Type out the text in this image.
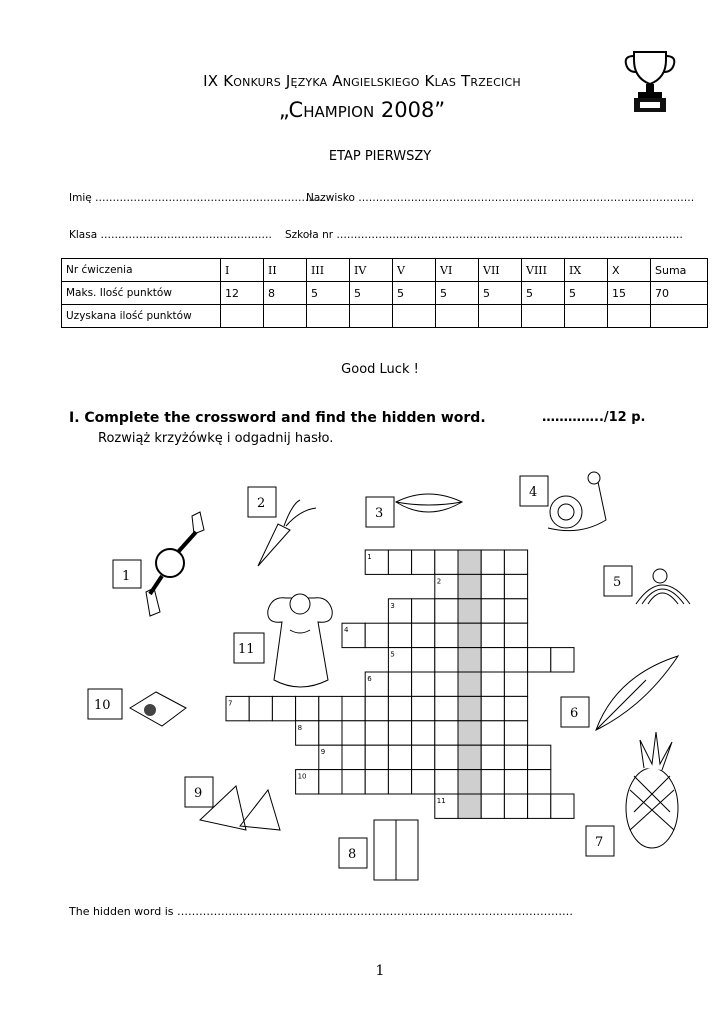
IX Konkurs Języka Angielskiego Klas Trzecich
„Champion 2008”
ETAP PIERWSZY
Imię …………………………………………………………
Nazwisko ……………………………………………………………………………………
Klasa …………………………………………. Szkoła nr ………………………………………………………………………………………
Nr ćwiczenia	I	II	III	IV	V	VI	VII	VIII	IX	X	Suma
Maks. Ilość punktów	12	8	5	5	5	5	5	5	5	15	70
Uzyskana ilość punktów											
Good Luck !
I. Complete the crossword and find the hidden word.	…………../12 p.
Rozwiąż krzyżówkę i odgadnij hasło.
1
2
3
4
5
6
7
8
9
10
11
1
2
3
4
5
11
10
6
9
8
7
The hidden word is ………………………………………………………………………………………………
1
